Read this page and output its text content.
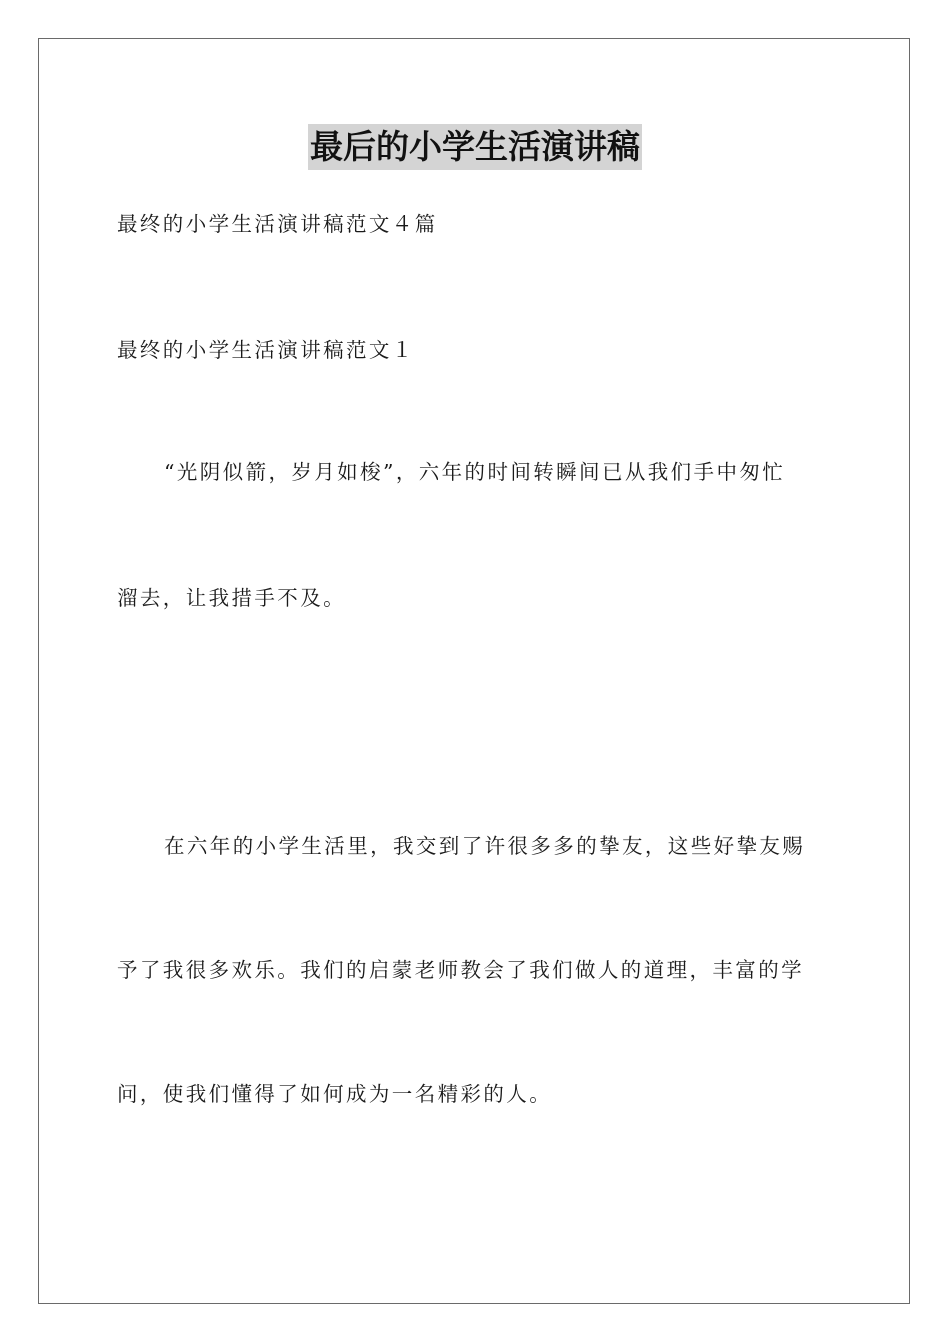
最后的小学生活演讲稿
最终的小学生活演讲稿范文４篇
最终的小学生活演讲稿范文１
“光阴似箭，岁月如梭”，六年的时间转瞬间已从我们手中匆忙
溜去，让我措手不及。
在六年的小学生活里，我交到了许很多多的挚友，这些好挚友赐
予了我很多欢乐。我们的启蒙老师教会了我们做人的道理，丰富的学
问，使我们懂得了如何成为一名精彩的人。
